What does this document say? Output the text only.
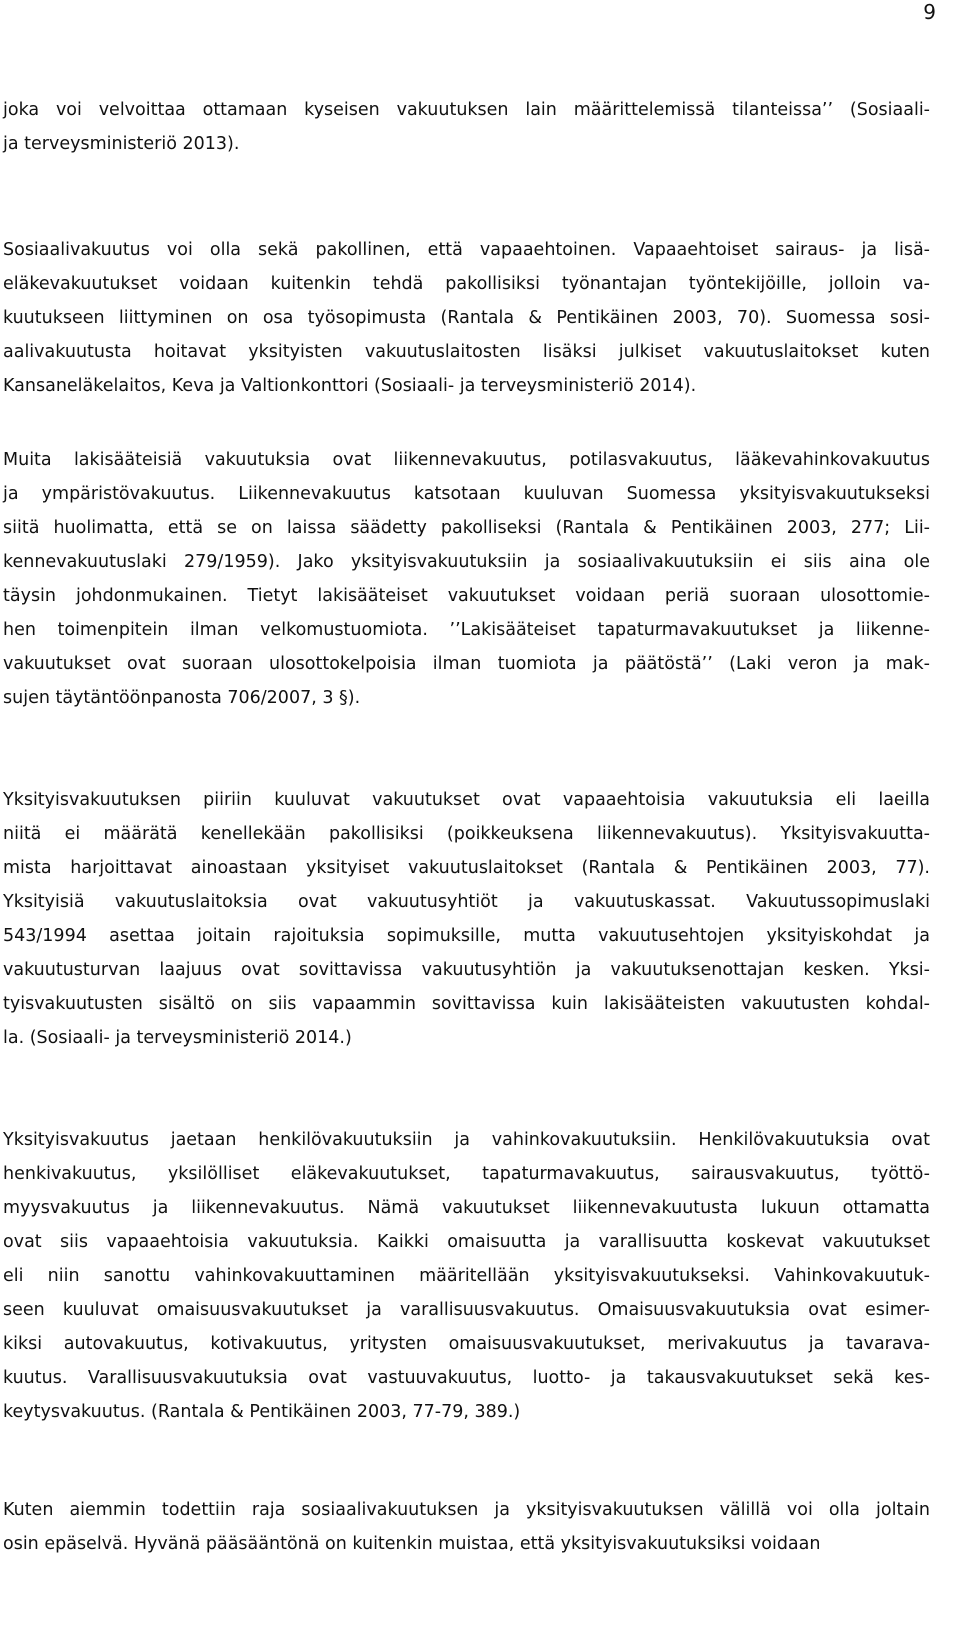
9
joka voi velvoittaa ottamaan kyseisen vakuutuksen lain määrittelemissä tilanteissa’’ (Sosiaali-
ja terveysministeriö 2013).
Sosiaalivakuutus voi olla sekä pakollinen, että vapaaehtoinen. Vapaaehtoiset sairaus- ja lisä-
eläkevakuutukset voidaan kuitenkin tehdä pakollisiksi työnantajan työntekijöille, jolloin va-
kuutukseen liittyminen on osa työsopimusta (Rantala & Pentikäinen 2003, 70). Suomessa sosi-
aalivakuutusta hoitavat yksityisten vakuutuslaitosten lisäksi julkiset vakuutuslaitokset kuten
Kansaneläkelaitos, Keva ja Valtionkonttori (Sosiaali- ja terveysministeriö 2014).
Muita lakisääteisiä vakuutuksia ovat liikennevakuutus, potilasvakuutus, lääkevahinkovakuutus
ja ympäristövakuutus. Liikennevakuutus katsotaan kuuluvan Suomessa yksityisvakuutukseksi
siitä huolimatta, että se on laissa säädetty pakolliseksi (Rantala & Pentikäinen 2003, 277; Lii-
kennevakuutuslaki 279/1959). Jako yksityisvakuutuksiin ja sosiaalivakuutuksiin ei siis aina ole
täysin johdonmukainen. Tietyt lakisääteiset vakuutukset voidaan periä suoraan ulosottomie-
hen toimenpitein ilman velkomustuomiota. ’’Lakisääteiset tapaturmavakuutukset ja liikenne-
vakuutukset ovat suoraan ulosottokelpoisia ilman tuomiota ja päätöstä’’ (Laki veron ja mak-
sujen täytäntöönpanosta 706/2007, 3 §).
Yksityisvakuutuksen piiriin kuuluvat vakuutukset ovat vapaaehtoisia vakuutuksia eli laeilla
niitä ei määrätä kenellekään pakollisiksi (poikkeuksena liikennevakuutus). Yksityisvakuutta-
mista harjoittavat ainoastaan yksityiset vakuutuslaitokset (Rantala & Pentikäinen 2003, 77).
Yksityisiä vakuutuslaitoksia ovat vakuutusyhtiöt ja vakuutuskassat. Vakuutussopimuslaki
543/1994 asettaa joitain rajoituksia sopimuksille, mutta vakuutusehtojen yksityiskohdat ja
vakuutusturvan laajuus ovat sovittavissa vakuutusyhtiön ja vakuutuksenottajan kesken. Yksi-
tyisvakuutusten sisältö on siis vapaammin sovittavissa kuin lakisääteisten vakuutusten kohdal-
la. (Sosiaali- ja terveysministeriö 2014.)
Yksityisvakuutus jaetaan henkilövakuutuksiin ja vahinkovakuutuksiin. Henkilövakuutuksia ovat
henkivakuutus, yksilölliset eläkevakuutukset, tapaturmavakuutus, sairausvakuutus, työttö-
myysvakuutus ja liikennevakuutus. Nämä vakuutukset liikennevakuutusta lukuun ottamatta
ovat siis vapaaehtoisia vakuutuksia. Kaikki omaisuutta ja varallisuutta koskevat vakuutukset
eli niin sanottu vahinkovakuuttaminen määritellään yksityisvakuutukseksi. Vahinkovakuutuk-
seen kuuluvat omaisuusvakuutukset ja varallisuusvakuutus. Omaisuusvakuutuksia ovat esimer-
kiksi autovakuutus, kotivakuutus, yritysten omaisuusvakuutukset, merivakuutus ja tavarava-
kuutus. Varallisuusvakuutuksia ovat vastuuvakuutus, luotto- ja takausvakuutukset sekä kes-
keytysvakuutus. (Rantala & Pentikäinen 2003, 77-79, 389.)
Kuten aiemmin todettiin raja sosiaalivakuutuksen ja yksityisvakuutuksen välillä voi olla joltain
osin epäselvä. Hyvänä pääsääntönä on kuitenkin muistaa, että yksityisvakuutuksiksi voidaan
